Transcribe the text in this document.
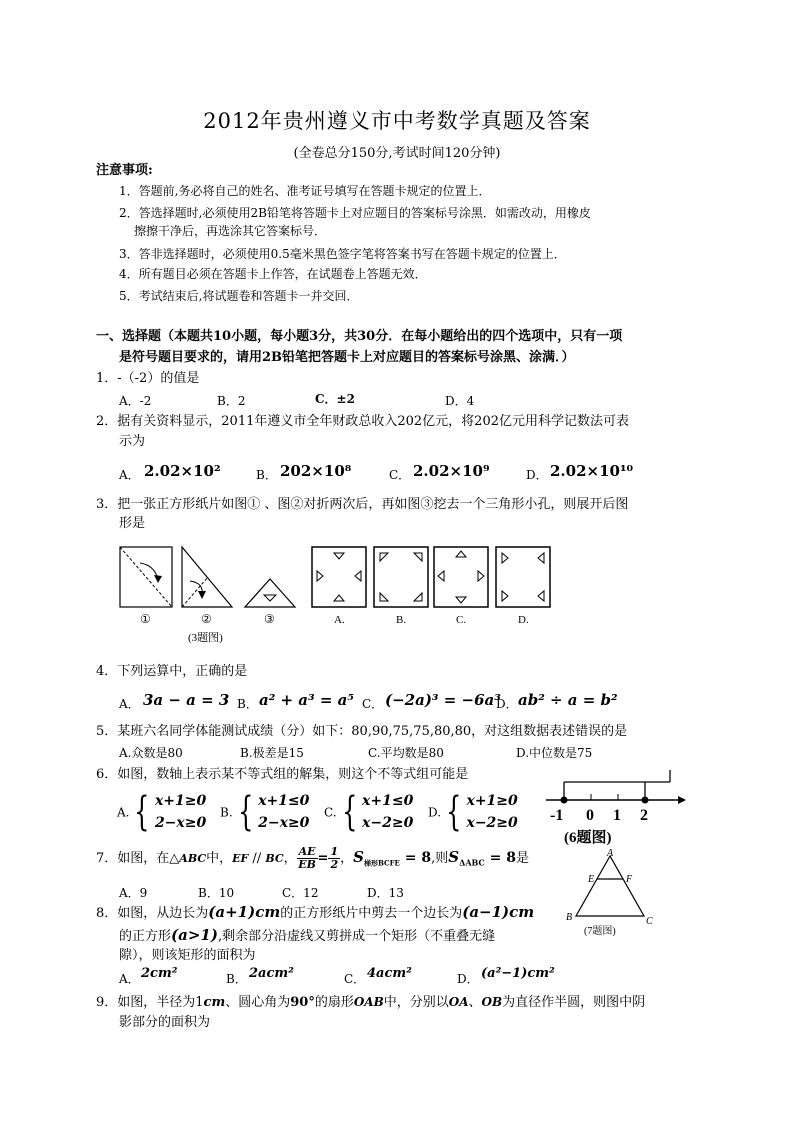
2012年贵州遵义市中考数学真题及答案
(全卷总分150分,考试时间120分钟)
注意事项:
1．答题前,务必将自己的姓名、准考证号填写在答题卡规定的位置上．
2．答选择题时,必须使用2B铅笔将答题卡上对应题目的答案标号涂黑．如需改动，用橡皮
擦擦干净后，再选涂其它答案标号．
3．答非选择题时，必须使用0.5毫米黑色签字笔将答案书写在答题卡规定的位置上．
4．所有题目必须在答题卡上作答，在试题卷上答题无效．
5．考试结束后,将试题卷和答题卡一并交回．
一、选择题（本题共10小题，每小题3分，共30分．在每小题给出的四个选项中，只有一项
是符号题目要求的，请用2B铅笔把答题卡上对应题目的答案标号涂黑、涂满．）
1．-（-2）的值是
A．-2	B．2	C．±2	D．4
2．据有关资料显示，2011年遵义市全年财政总收入202亿元，将202亿元用科学记数法可表
示为
A． 2.02×10²	B． 202×10⁸	C． 2.02×10⁹	D． 2.02×10¹⁰
3．把一张正方形纸片如图① 、图②对折两次后，再如图③挖去一个三角形小孔，则展开后图
形是
①	②	③	A.	B.	C.	D.
(3题图)
4．下列运算中，正确的是
A． 3a − a = 3 B． a² + a³ = a⁵ C． (−2a)³ = −6a³
D． ab² ÷ a = b²
5．某班六名同学体能测试成绩（分）如下：80,90,75,75,80,80，对这组数据表述错误的是
A.众数是80	B.极差是15	C.平均数是80	D.中位数是75
6．如图，数轴上表示某不等式组的解集，则这个不等式组可能是
A. { x+1≥0
2−x≥0
B. { x+1≤0
2−x≥0
C. { x+1≤0
x−2≥0
D. { x+1≥0
x−2≥0 -1 0 1 2
(6题图)
7．如图，在△ABC中，EF // BC， $\frac{AE}{EB} = \frac{1}{2}$ ，$S_{梯形BCFE} = 8$,则$S_{\Delta ABC} = 8$是
A．9	B．10	C．12	D．13
A
E	F
B	C
(7题图)
8．如图，从边长为(a+1)cm的正方形纸片中剪去一个边长为(a−1)cm
的正方形(a>1),剩余部分沿虚线又剪拼成一个矩形（不重叠无缝
隙），则该矩形的面积为
A． 2cm²	B． 2acm²	C． 4acm²	D． (a²−1)cm²
9．如图，半径为1cm、圆心角为90°的扇形OAB中，分别以OA、OB为直径作半圆，则图中阴
影部分的面积为
